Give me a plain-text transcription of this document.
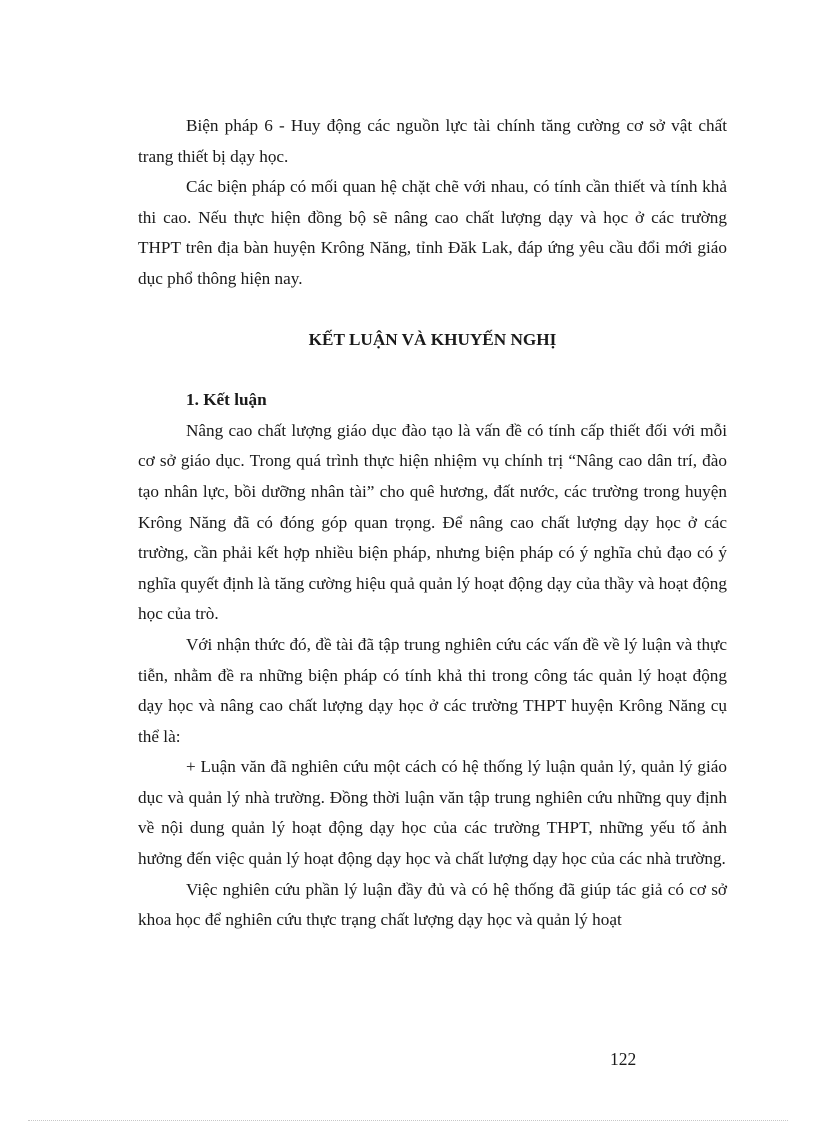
Biện pháp 6 - Huy động các nguồn lực tài chính tăng cường cơ sở vật chất trang thiết bị dạy học.

Các biện pháp có mối quan hệ chặt chẽ với nhau, có tính cần thiết và tính khả thi cao. Nếu thực hiện đồng bộ sẽ nâng cao chất lượng dạy và học ở các trường THPT trên địa bàn huyện Krông Năng, tỉnh Đăk Lak, đáp ứng yêu cầu đổi mới giáo dục phổ thông hiện nay.

KẾT LUẬN VÀ KHUYẾN NGHỊ

1. Kết luận

Nâng cao chất lượng giáo dục đào tạo là vấn đề có tính cấp thiết đối với mỗi cơ sở giáo dục. Trong quá trình thực hiện nhiệm vụ chính trị “Nâng cao dân trí, đào tạo nhân lực, bồi dưỡng nhân tài” cho quê hương, đất nước, các trường trong huyện Krông Năng đã có đóng góp quan trọng. Để nâng cao chất lượng dạy học ở các trường, cần phải kết hợp nhiều biện pháp, nhưng biện pháp có ý nghĩa chủ đạo có ý nghĩa quyết định là tăng cường hiệu quả quản lý hoạt động dạy của thầy và hoạt động học của trò.

Với nhận thức đó, đề tài đã tập trung nghiên cứu các vấn đề về lý luận và thực tiễn, nhằm đề ra những biện pháp có tính khả thi trong công tác quản lý hoạt động dạy học và nâng cao chất lượng dạy học ở các trường THPT huyện Krông Năng cụ thể là:

+ Luận văn đã nghiên cứu một cách có hệ thống lý luận quản lý, quản lý giáo dục và quản lý nhà trường. Đồng thời luận văn tập trung nghiên cứu những quy định về nội dung quản lý hoạt động dạy học của các trường THPT, những yếu tố ảnh hưởng đến việc quản lý hoạt động dạy học và chất lượng dạy học của các nhà trường.

Việc nghiên cứu phần lý luận đầy đủ và có hệ thống đã giúp tác giả có cơ sở khoa học để nghiên cứu thực trạng chất lượng dạy học và quản lý hoạt

122
